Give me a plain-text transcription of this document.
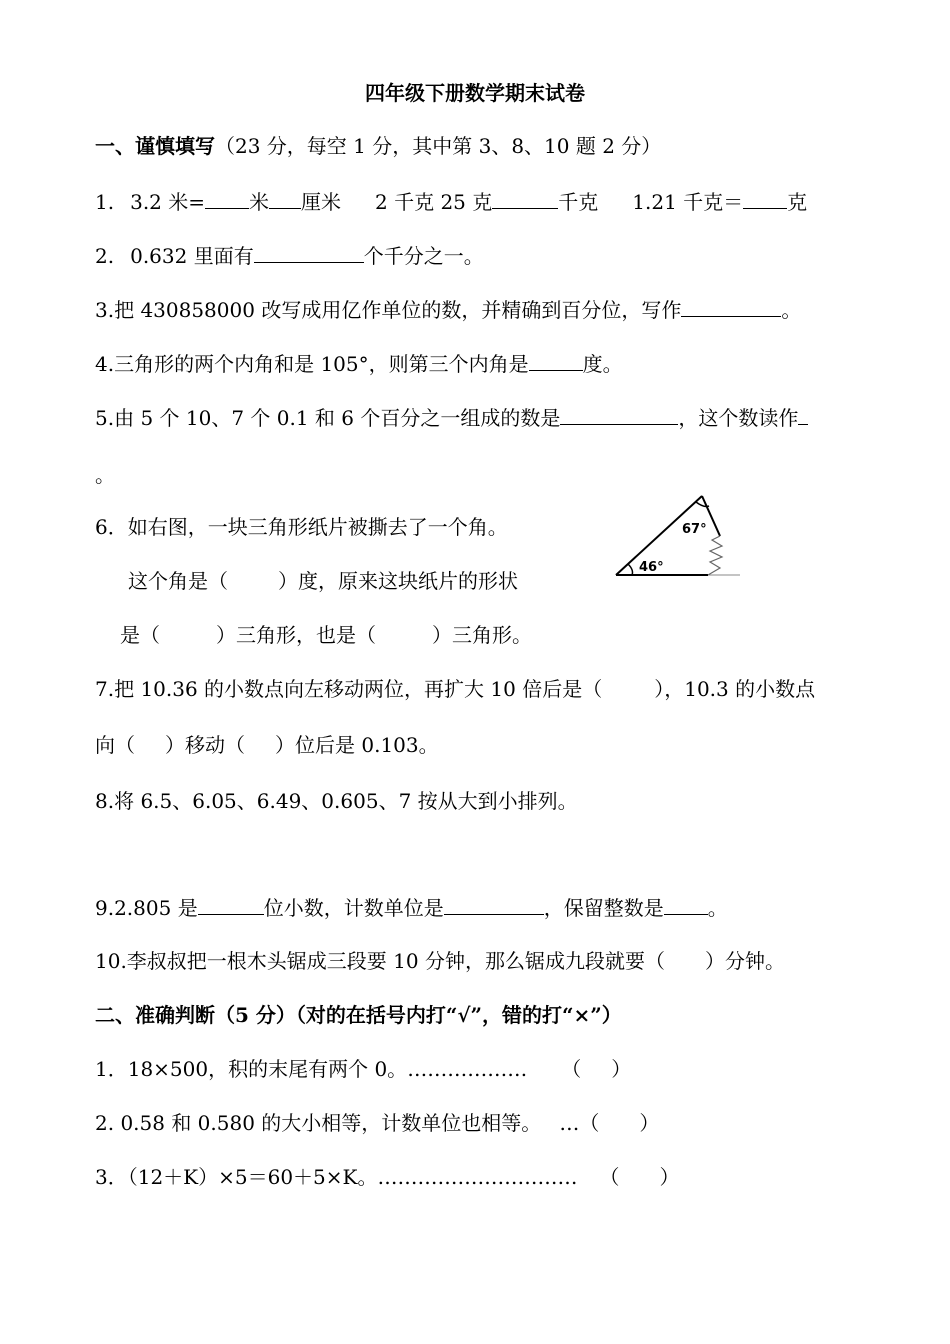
四年级下册数学期末试卷
一、谨慎填写（23 分，每空 1 分，其中第 3、8、10 题 2 分）
1. 3.2 米= 米 厘米 2 千克 25 克	千克 1.21 千克＝ 克
2. 0.632 里面有	个千分之一。
3.把 430858000 改写成用亿作单位的数，并精确到百分位，写作	。
4.三角形的两个内角和是 105°，则第三个内角是	度。
5.由 5 个 10、7 个 0.1 和 6 个百分之一组成的数是	，这个数读作
。
6．如右图，一块三角形纸片被撕去了一个角。
这个角是（	）度，原来这块纸片的形状
是（	）三角形，也是（	）三角形。
67°
46°
7.把 10.36 的小数点向左移动两位，再扩大 10 倍后是（	），10.3 的小数点
向（ ）移动（ ）位后是 0.103。
8.将 6.5、6.05、6.49、0.605、7 按从大到小排列。
9.2.805 是	位小数，计数单位是	，保留整数是 。
10.李叔叔把一根木头锯成三段要 10 分钟，那么锯成九段就要（ ）分钟。
二、准确判断（5 分）（对的在括号内打“√”，错的打“×”）
1．18×500，积的末尾有两个 0。……………… （ ）
2. 0.58 和 0.580 的大小相等，计数单位也相等。 …（ ）
3．（12＋K）×5＝60＋5×K。………………………… （ ）
